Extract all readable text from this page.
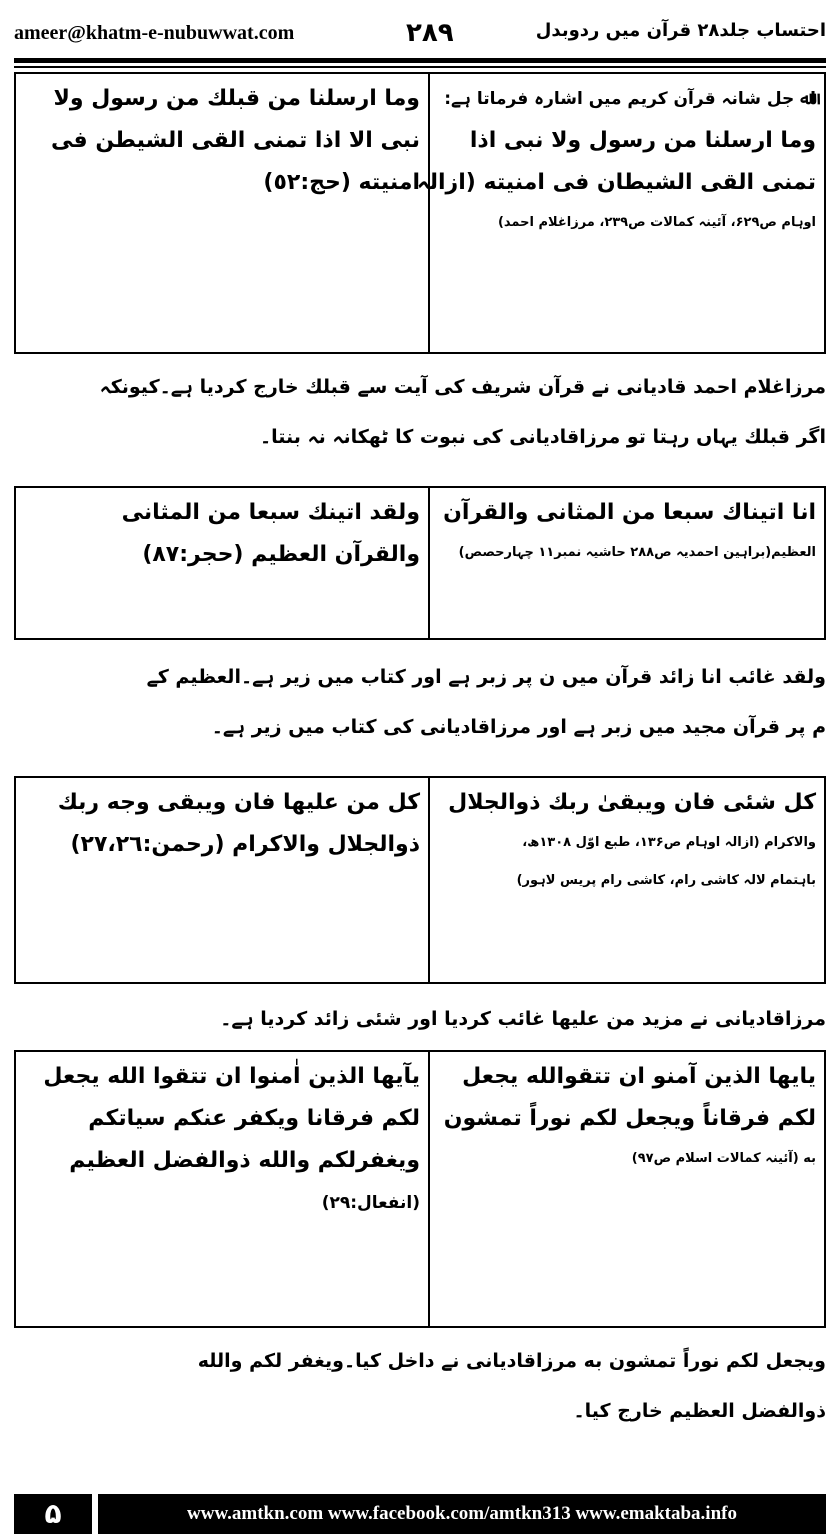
ameer@khatm-e-nubuwwat.com	۲۸۹	احتساب جلد۲۸ قرآن میں ردوبدل
وما ارسلنا من قبلك من رسول ولا
نبی الا اذا تمنی القی الشیطن فی
امنیته (حج:٥٢)

اﷲ جل شانہ قرآن کریم میں اشارہ فرماتا ہے:
وما ارسلنا من رسول ولا نبی اذا
تمنی القی الشیطان فی امنیته (ازالہ
اوہام ص۶۲۹، آئینہ کمالات ص۲۳۹، مرزاغلام احمد)
مرزاغلام احمد قادیانی نے قرآن شریف کی آیت سے قبلك خارج کردیا ہے۔کیونکہ
اگر قبلك یہاں رہتا تو مرزاقادیانی کی نبوت کا ٹھکانہ نہ بنتا۔
ولقد اتینك سبعا من المثانی
والقرآن العظیم (حجر:٨٧)

انا اتیناك سبعا من المثانی والقرآن
العظیم(براہین احمدیہ ص۲۸۸ حاشیہ نمبر۱۱ چہارحصص)
ولقد غائب انا زائد قرآن میں ن پر زبر ہے اور کتاب میں زیر ہے۔العظیم کے
م پر قرآن مجید میں زبر ہے اور مرزاقادیانی کی کتاب میں زیر ہے۔
کل من علیها فان ویبقی وجه ربك
ذوالجلال والاکرام (رحمن:٢٧،٢٦)

کل شئی فان ویبقیٰ ربك ذوالجلال
والاکرام (ازالہ اوہام ص۱۳۶، طبع اوّل ۱۳۰۸ھ،
باہتمام لالہ کاشی رام، کاشی رام پریس لاہور)
مرزاقادیانی نے مزید من علیها غائب کردیا اور شئی زائد کردیا ہے۔
یآیها الذین اٰمنوا ان تتقوا الله یجعل
لکم فرقانا ویکفر عنکم سیاتکم
ویغفرلکم والله ذوالفضل العظیم
(انفعال:٢٩)

یایها الذین آمنو ان تتقوالله یجعل
لکم فرقاناً ویجعل لکم نوراً تمشون
به (آئینہ کمالات اسلام ص۹۷)
ویجعل لکم نوراً تمشون به مرزاقادیانی نے داخل کیا۔ویغفر لکم والله
ذوالفضل العظیم خارج کیا۔
۵	www.amtkn.com www.facebook.com/amtkn313 www.emaktaba.info
